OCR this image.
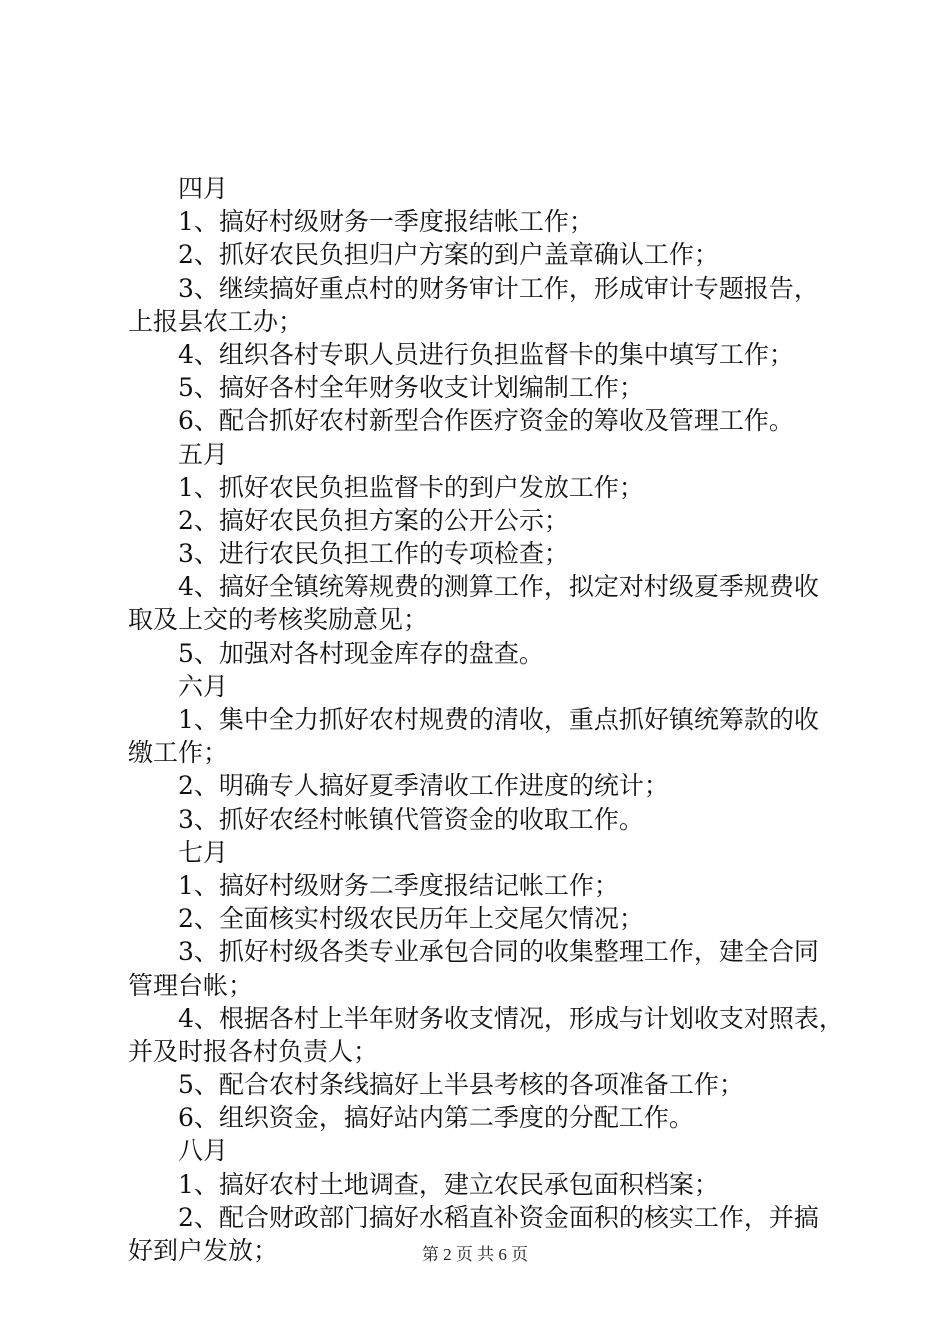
四月
1、搞好村级财务一季度报结帐工作；
2、抓好农民负担归户方案的到户盖章确认工作；
3、继续搞好重点村的财务审计工作，形成审计专题报告，
上报县农工办；
4、组织各村专职人员进行负担监督卡的集中填写工作；
5、搞好各村全年财务收支计划编制工作；
6、配合抓好农村新型合作医疗资金的筹收及管理工作。
五月
1、抓好农民负担监督卡的到户发放工作；
2、搞好农民负担方案的公开公示；
3、进行农民负担工作的专项检查；
4、搞好全镇统筹规费的测算工作，拟定对村级夏季规费收
取及上交的考核奖励意见；
5、加强对各村现金库存的盘查。
六月
1、集中全力抓好农村规费的清收，重点抓好镇统筹款的收
缴工作；
2、明确专人搞好夏季清收工作进度的统计；
3、抓好农经村帐镇代管资金的收取工作。
七月
1、搞好村级财务二季度报结记帐工作；
2、全面核实村级农民历年上交尾欠情况；
3、抓好村级各类专业承包合同的收集整理工作，建全合同
管理台帐；
4、根据各村上半年财务收支情况，形成与计划收支对照表，
并及时报各村负责人；
5、配合农村条线搞好上半县考核的各项准备工作；
6、组织资金，搞好站内第二季度的分配工作。
八月
1、搞好农村土地调查，建立农民承包面积档案；
2、配合财政部门搞好水稻直补资金面积的核实工作，并搞
好到户发放；	第 2 页 共 6 页
